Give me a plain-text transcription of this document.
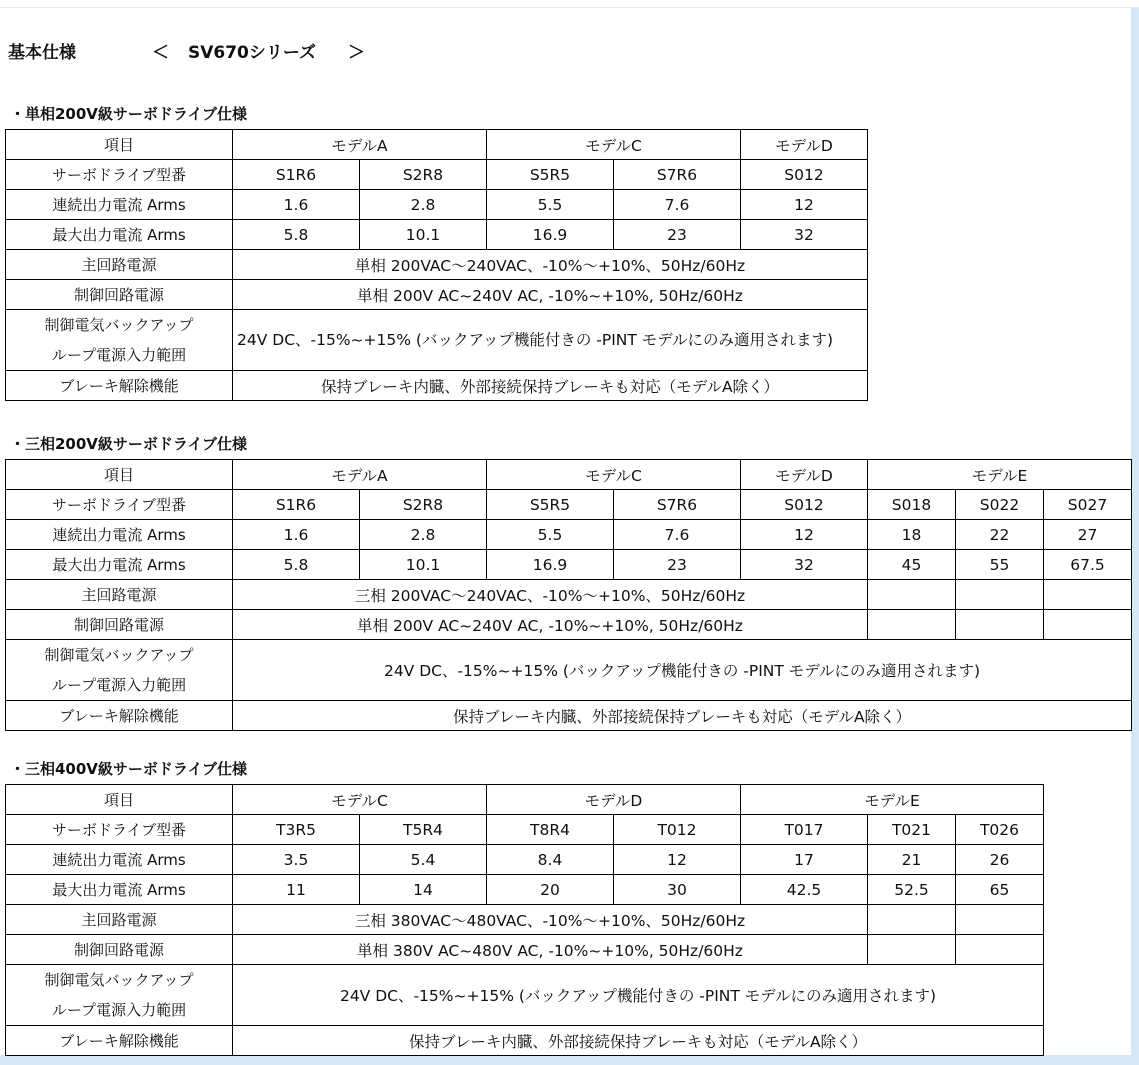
基本仕様	＜ SV670シリーズ ＞
・単相200V級サーボドライブ仕様
項目	モデルA		モデルC		モデルD
サーボドライブ型番	S1R6	S2R8	S5R5	S7R6	S012
連続出力電流 Arms	1.6	2.8	5.5	7.6	12
最大出力電流 Arms	5.8	10.1	16.9	23	32
主回路電源	単相 200VAC～240VAC、-10%～+10%、50Hz/60Hz				
制御回路電源	単相 200V AC~240V AC, -10%~+10%, 50Hz/60Hz				
制御電気バックアップ
ループ電源入力範囲	24V DC、-15%~+15% (バックアップ機能付きの -PINT モデルにのみ適用されます)				
ブレーキ解除機能	保持ブレーキ内臓、外部接続保持ブレーキも対応（モデルA除く）				
・三相200V級サーボドライブ仕様
項目	モデルA		モデルC		モデルD	モデルE		
サーボドライブ型番	S1R6	S2R8	S5R5	S7R6	S012	S018	S022	S027
連続出力電流 Arms	1.6	2.8	5.5	7.6	12	18	22	27
最大出力電流 Arms	5.8	10.1	16.9	23	32	45	55	67.5
主回路電源	三相 200VAC～240VAC、-10%～+10%、50Hz/60Hz							
制御回路電源	単相 200V AC~240V AC, -10%~+10%, 50Hz/60Hz							
制御電気バックアップ
ループ電源入力範囲	24V DC、-15%~+15% (バックアップ機能付きの -PINT モデルにのみ適用されます)							
ブレーキ解除機能	保持ブレーキ内臓、外部接続保持ブレーキも対応（モデルA除く）							
・三相400V級サーボドライブ仕様
項目	モデルC		モデルD		モデルE		
サーボドライブ型番	T3R5	T5R4	T8R4	T012	T017	T021	T026
連続出力電流 Arms	3.5	5.4	8.4	12	17	21	26
最大出力電流 Arms	11	14	20	30	42.5	52.5	65
主回路電源	三相 380VAC～480VAC、-10%～+10%、50Hz/60Hz						
制御回路電源	単相 380V AC~480V AC, -10%~+10%, 50Hz/60Hz						
制御電気バックアップ
ループ電源入力範囲	24V DC、-15%~+15% (バックアップ機能付きの -PINT モデルにのみ適用されます)						
ブレーキ解除機能	保持ブレーキ内臓、外部接続保持ブレーキも対応（モデルA除く）						
